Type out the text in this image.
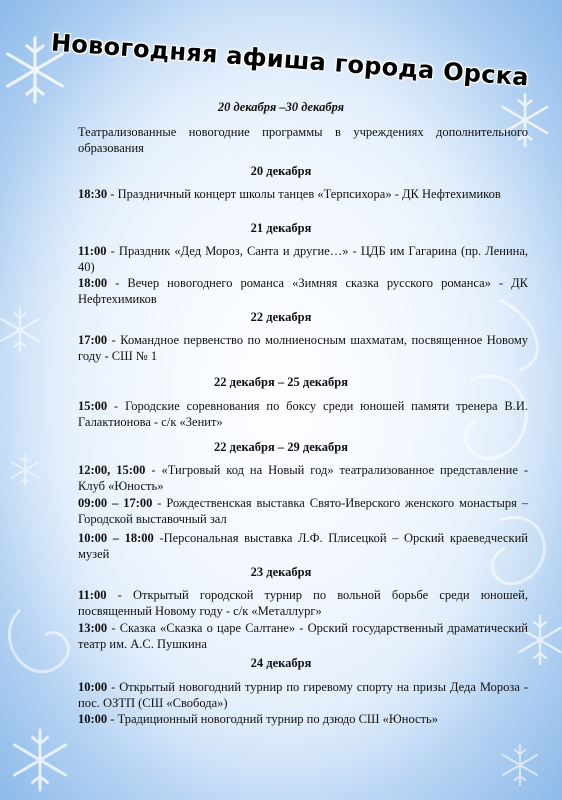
Новогодняя афиша города Орска
20 декабря –30 декабря
Театрализованные новогодние программы в учреждениях дополнительного образования
20 декабря
18:30 - Праздничный концерт школы танцев «Терпсихора» - ДК Нефтехимиков
21 декабря
11:00 - Праздник «Дед Мороз, Санта и другие…» - ЦДБ им Гагарина (пр. Ленина, 40)
18:00 - Вечер новогоднего романса «Зимняя сказка русского романса» - ДК Нефтехимиков
22 декабря
17:00 - Командное первенство по молниеносным шахматам, посвященное Новому году - СШ № 1
22 декабря – 25 декабря
15:00 - Городские соревнования по боксу среди юношей памяти тренера В.И. Галактионова - с/к «Зенит»
22 декабря – 29 декабря
12:00, 15:00 - «Тигровый код на Новый год» театрализованное представление - Клуб «Юность»
09:00 – 17:00 - Рождественская выставка Свято-Иверского женского монастыря – Городской выставочный зал
10:00 – 18:00 -Персональная выставка Л.Ф. Плисецкой – Орский краеведческий музей
23 декабря
11:00 - Открытый городской турнир по вольной борьбе среди юношей, посвященный Новому году - с/к «Металлург»
13:00 - Сказка «Сказка о царе Салтане» - Орский государственный драматический театр им. А.С. Пушкина
24 декабря
10:00 - Открытый новогодний турнир по гиревому спорту на призы Деда Мороза - пос. ОЗТП (СШ «Свобода»)
10:00 - Традиционный новогодний турнир по дзюдо СШ «Юность»
